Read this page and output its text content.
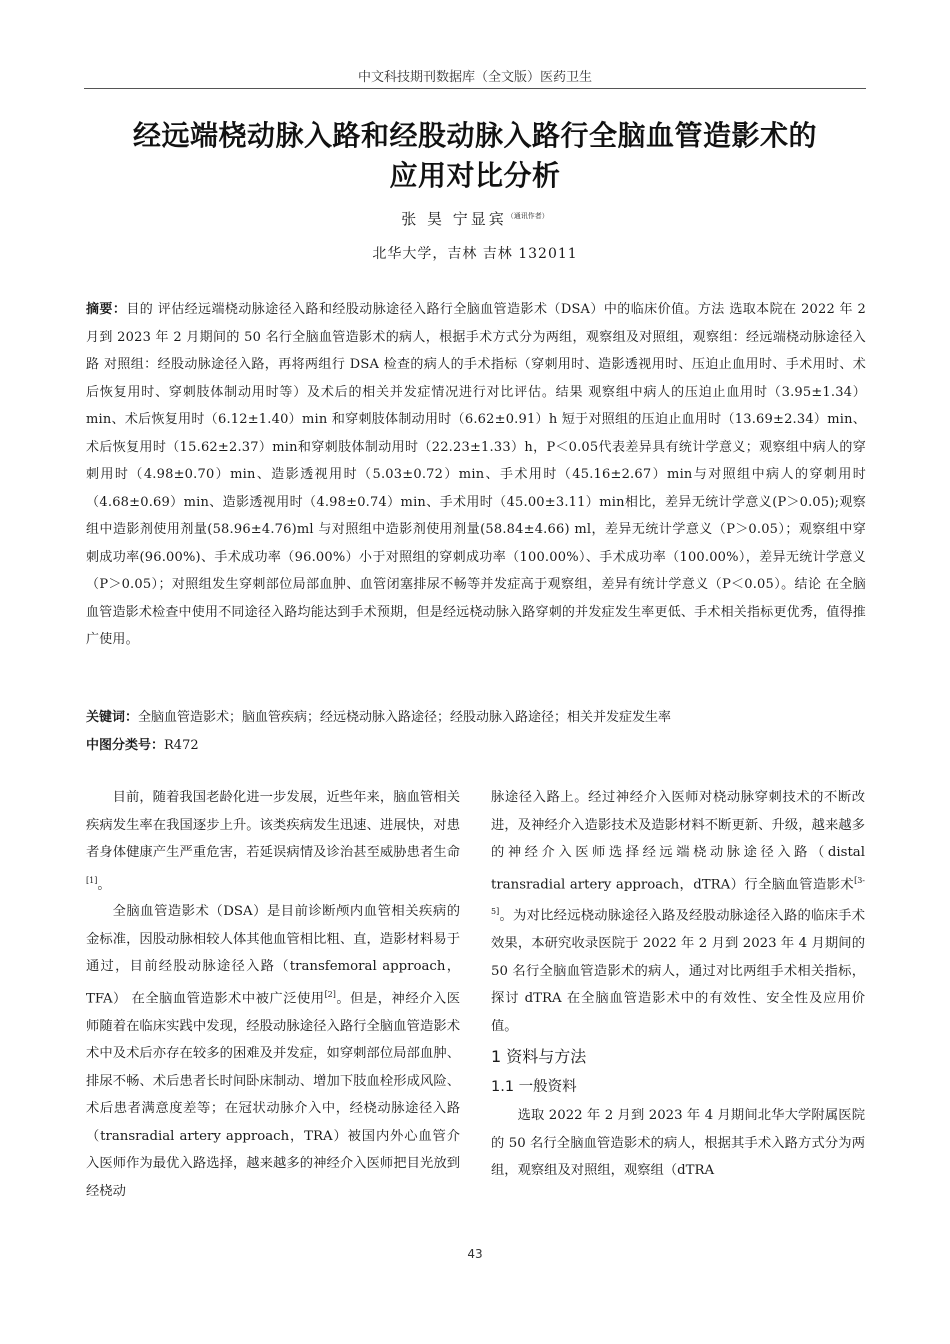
中文科技期刊数据库（全文版）医药卫生
经远端桡动脉入路和经股动脉入路行全脑血管造影术的
应用对比分析
张 昊 宁显宾$^{(通讯作者)}$
北华大学，吉林 吉林 132011
摘要：目的 评估经远端桡动脉途径入路和经股动脉途径入路行全脑血管造影术（DSA）中的临床价值。方法 选取本院在 2022 年 2 月到 2023 年 2 月期间的 50 名行全脑血管造影术的病人，根据手术方式分为两组，观察组及对照组，观察组：经远端桡动脉途径入路 对照组：经股动脉途径入路，再将两组行 DSA 检查的病人的手术指标（穿刺用时、造影透视用时、压迫止血用时、手术用时、术后恢复用时、穿刺肢体制动用时等）及术后的相关并发症情况进行对比评估。结果 观察组中病人的压迫止血用时（3.95±1.34）min、术后恢复用时（6.12±1.40）min 和穿刺肢体制动用时（6.62±0.91）h 短于对照组的压迫止血用时（13.69±2.34）min、术后恢复用时（15.62±2.37）min和穿刺肢体制动用时（22.23±1.33）h，P＜0.05代表差异具有统计学意义；观察组中病人的穿刺用时（4.98±0.70）min、造影透视用时（5.03±0.72）min、手术用时（45.16±2.67）min与对照组中病人的穿刺用时（4.68±0.69）min、造影透视用时（4.98±0.74）min、手术用时（45.00±3.11）min相比，差异无统计学意义(P＞0.05);观察组中造影剂使用剂量(58.96±4.76)ml 与对照组中造影剂使用剂量(58.84±4.66) ml，差异无统计学意义（P＞0.05）；观察组中穿刺成功率(96.00%)、手术成功率（96.00%）小于对照组的穿刺成功率（100.00%）、手术成功率（100.00%），差异无统计学意义（P＞0.05）；对照组发生穿刺部位局部血肿、血管闭塞排尿不畅等并发症高于观察组，差异有统计学意义（P＜0.05）。结论 在全脑血管造影术检查中使用不同途径入路均能达到手术预期，但是经远桡动脉入路穿刺的并发症发生率更低、手术相关指标更优秀，值得推广使用。
关键词：全脑血管造影术；脑血管疾病；经远桡动脉入路途径；经股动脉入路途径；相关并发症发生率
中图分类号：R472

目前，随着我国老龄化进一步发展，近些年来，脑血管相关疾病发生率在我国逐步上升。该类疾病发生迅速、进展快，对患者身体健康产生严重危害，若延误病情及诊治甚至威胁患者生命[1]。

全脑血管造影术（DSA）是目前诊断颅内血管相关疾病的金标准，因股动脉相较人体其他血管相比粗、直，造影材料易于通过，目前经股动脉途径入路（transfemoral approach，TFA） 在全脑血管造影术中被广泛使用[2]。但是，神经介入医师随着在临床实践中发现，经股动脉途径入路行全脑血管造影术术中及术后亦存在较多的困难及并发症，如穿刺部位局部血肿、排尿不畅、术后患者长时间卧床制动、增加下肢血栓形成风险、术后患者满意度差等；在冠状动脉介入中，经桡动脉途径入路（transradial artery approach，TRA）被国内外心血管介入医师作为最优入路选择，越来越多的神经介入医师把目光放到经桡动

脉途径入路上。经过神经介入医师对桡动脉穿刺技术的不断改进，及神经介入造影技术及造影材料不断更新、升级，越来越多的神经介入医师选择经远端桡动脉途径入路（distal transradial artery approach，dTRA）行全脑血管造影术[3-5]。为对比经远桡动脉途径入路及经股动脉途径入路的临床手术效果，本研究收录医院于 2022 年 2 月到 2023 年 4 月期间的 50 名行全脑血管造影术的病人，通过对比两组手术相关指标，探讨 dTRA 在全脑血管造影术中的有效性、安全性及应用价值。

1 资料与方法
1.1 一般资料

选取 2022 年 2 月到 2023 年 4 月期间北华大学附属医院的 50 名行全脑血管造影术的病人，根据其手术入路方式分为两组，观察组及对照组，观察组（dTRA

43
